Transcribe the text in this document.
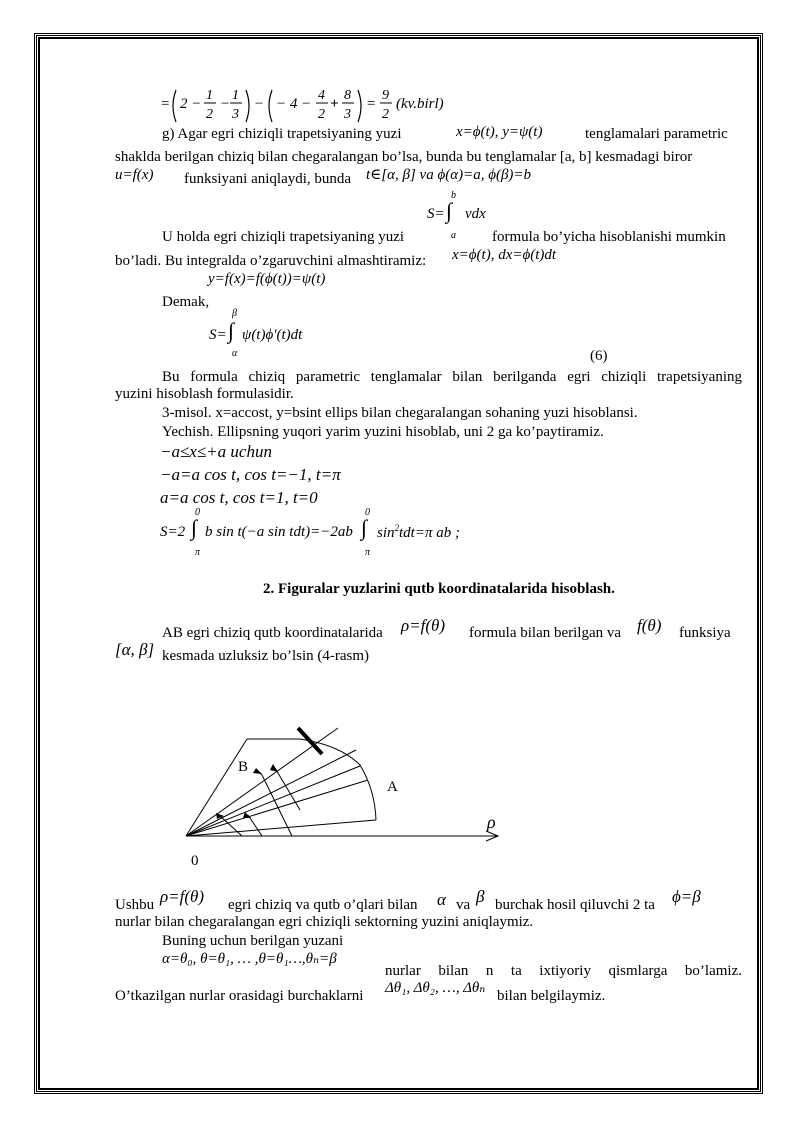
= 2 −
1
2
−
1
3
− − 4 −
4
2
+
8
3
=
9
2
(kv.birl)
g) Agar egri chiziqli trapetsiyaning yuzi	x=ϕ(t), y=ψ(t)	tenglamalari parametric
shaklda berilgan chiziq bilan chegaralangan bo’lsa, bunda bu tenglamalar [a, b] kesmadagi biror
u=f(x) funksiyani aniqlaydi, bunda t∈[α, β] va ϕ(α)=a, ϕ(β)=b
S= ∫
b
a
vdx
U holda egri chiziqli trapetsiyaning yuzi	formula bo’yicha hisoblanishi mumkin
bo’ladi. Bu integralda o’zgaruvchini almashtiramiz: x=ϕ(t), dx=ϕ(t)dt
y=f(x)=f(ϕ(t))=ψ(t)
Demak,
S= ∫
β
α
ψ(t)ϕ'(t)dt
(6)
Bu formula chiziq parametric tenglamalar bilan berilganda egri chiziqli trapetsiyaning
yuzini hisoblash formulasidir.
3-misol. x=accost, y=bsint ellips bilan chegaralangan sohaning yuzi hisoblansi.
Yechish. Ellipsning yuqori yarim yuzini hisoblab, uni 2 ga ko’paytiramiz.
−a≤x≤+a uchun
−a=a cos t, cos t=−1, t=π
a=a cos t, cos t=1, t=0
S=2 ∫
0
π
b sin t(−a sin tdt)=−2ab ∫
0
π
$\sin^2tdt=\pi$ ab ;
2. Figuralar yuzlarini qutb koordinatalarida hisoblash.
AB egri chiziq qutb koordinatalarida ρ=f(θ) formula bilan berilgan va f(θ) funksiya
[α, β] kesmada uzluksiz bo’lsin (4-rasm)
B
A
ρ
0
Ushbu ρ=f(θ) egri chiziq va qutb o’qlari bilan α va β burchak hosil qiluvchi 2 ta ϕ=β
nurlar bilan chegaralangan egri chiziqli sektorning yuzini aniqlaymiz.
Buning uchun berilgan yuzani
α=θ₀, θ=θ₁, … ,θ=θ₁…,θₙ=β
nurlar bilan n ta ixtiyoriy qismlarga bo’lamiz.
O’tkazilgan nurlar orasidagi burchaklarni Δθ₁, Δθ₂, …, Δθₙ bilan belgilaymiz.
